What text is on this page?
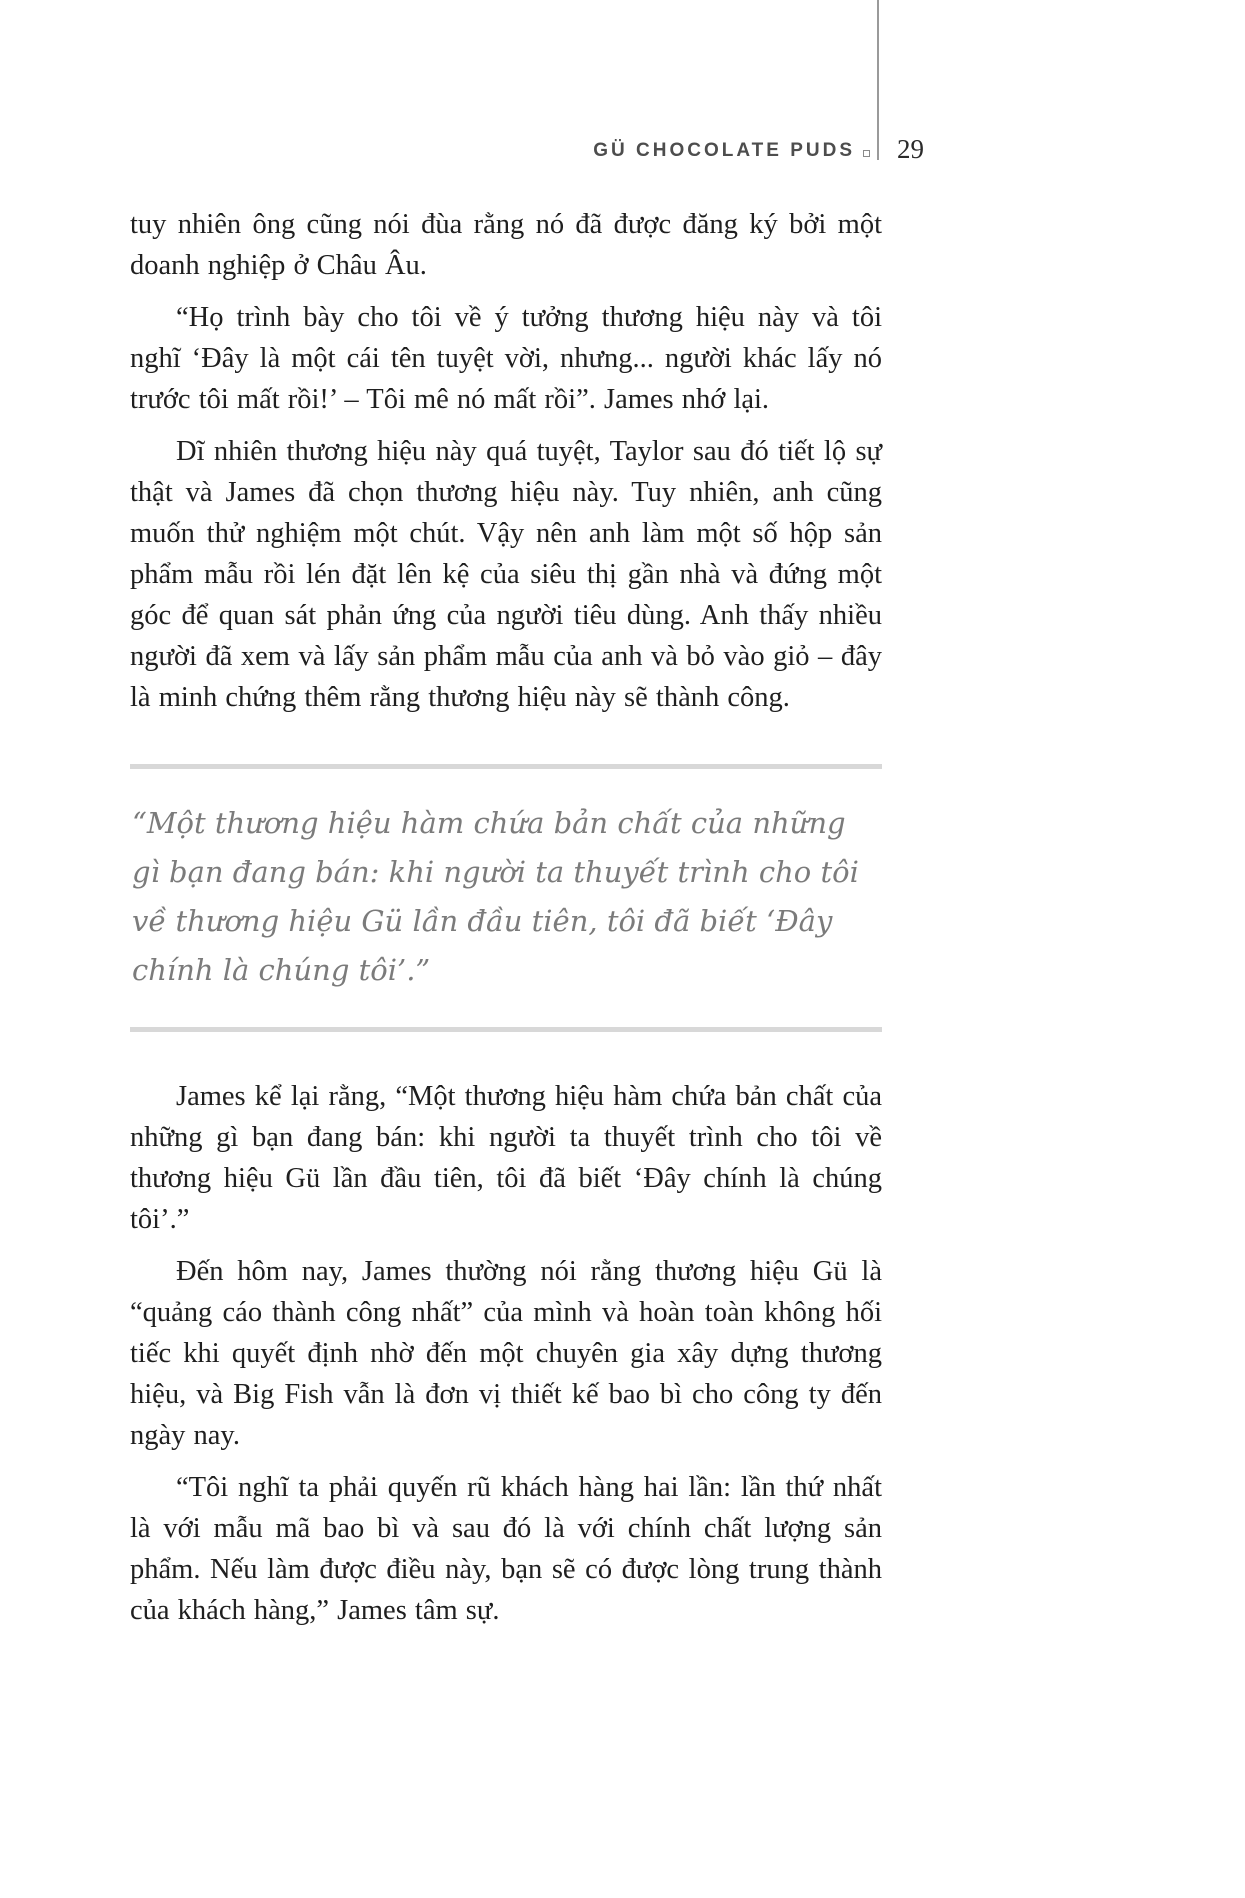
GÜ CHOCOLATE PUDS 29

tuy nhiên ông cũng nói đùa rằng nó đã được đăng ký bởi một doanh nghiệp ở Châu Âu.

“Họ trình bày cho tôi về ý tưởng thương hiệu này và tôi nghĩ ‘Đây là một cái tên tuyệt vời, nhưng... người khác lấy nó trước tôi mất rồi!’ – Tôi mê nó mất rồi”. James nhớ lại.

Dĩ nhiên thương hiệu này quá tuyệt, Taylor sau đó tiết lộ sự thật và James đã chọn thương hiệu này. Tuy nhiên, anh cũng muốn thử nghiệm một chút. Vậy nên anh làm một số hộp sản phẩm mẫu rồi lén đặt lên kệ của siêu thị gần nhà và đứng một góc để quan sát phản ứng của người tiêu dùng. Anh thấy nhiều người đã xem và lấy sản phẩm mẫu của anh và bỏ vào giỏ – đây là minh chứng thêm rằng thương hiệu này sẽ thành công.

“Một thương hiệu hàm chứa bản chất của những gì bạn đang bán: khi người ta thuyết trình cho tôi về thương hiệu Gü lần đầu tiên, tôi đã biết ‘Đây chính là chúng tôi’.”

James kể lại rằng, “Một thương hiệu hàm chứa bản chất của những gì bạn đang bán: khi người ta thuyết trình cho tôi về thương hiệu Gü lần đầu tiên, tôi đã biết ‘Đây chính là chúng tôi’.”

Đến hôm nay, James thường nói rằng thương hiệu Gü là “quảng cáo thành công nhất” của mình và hoàn toàn không hối tiếc khi quyết định nhờ đến một chuyên gia xây dựng thương hiệu, và Big Fish vẫn là đơn vị thiết kế bao bì cho công ty đến ngày nay.

“Tôi nghĩ ta phải quyến rũ khách hàng hai lần: lần thứ nhất là với mẫu mã bao bì và sau đó là với chính chất lượng sản phẩm. Nếu làm được điều này, bạn sẽ có được lòng trung thành của khách hàng,” James tâm sự.
